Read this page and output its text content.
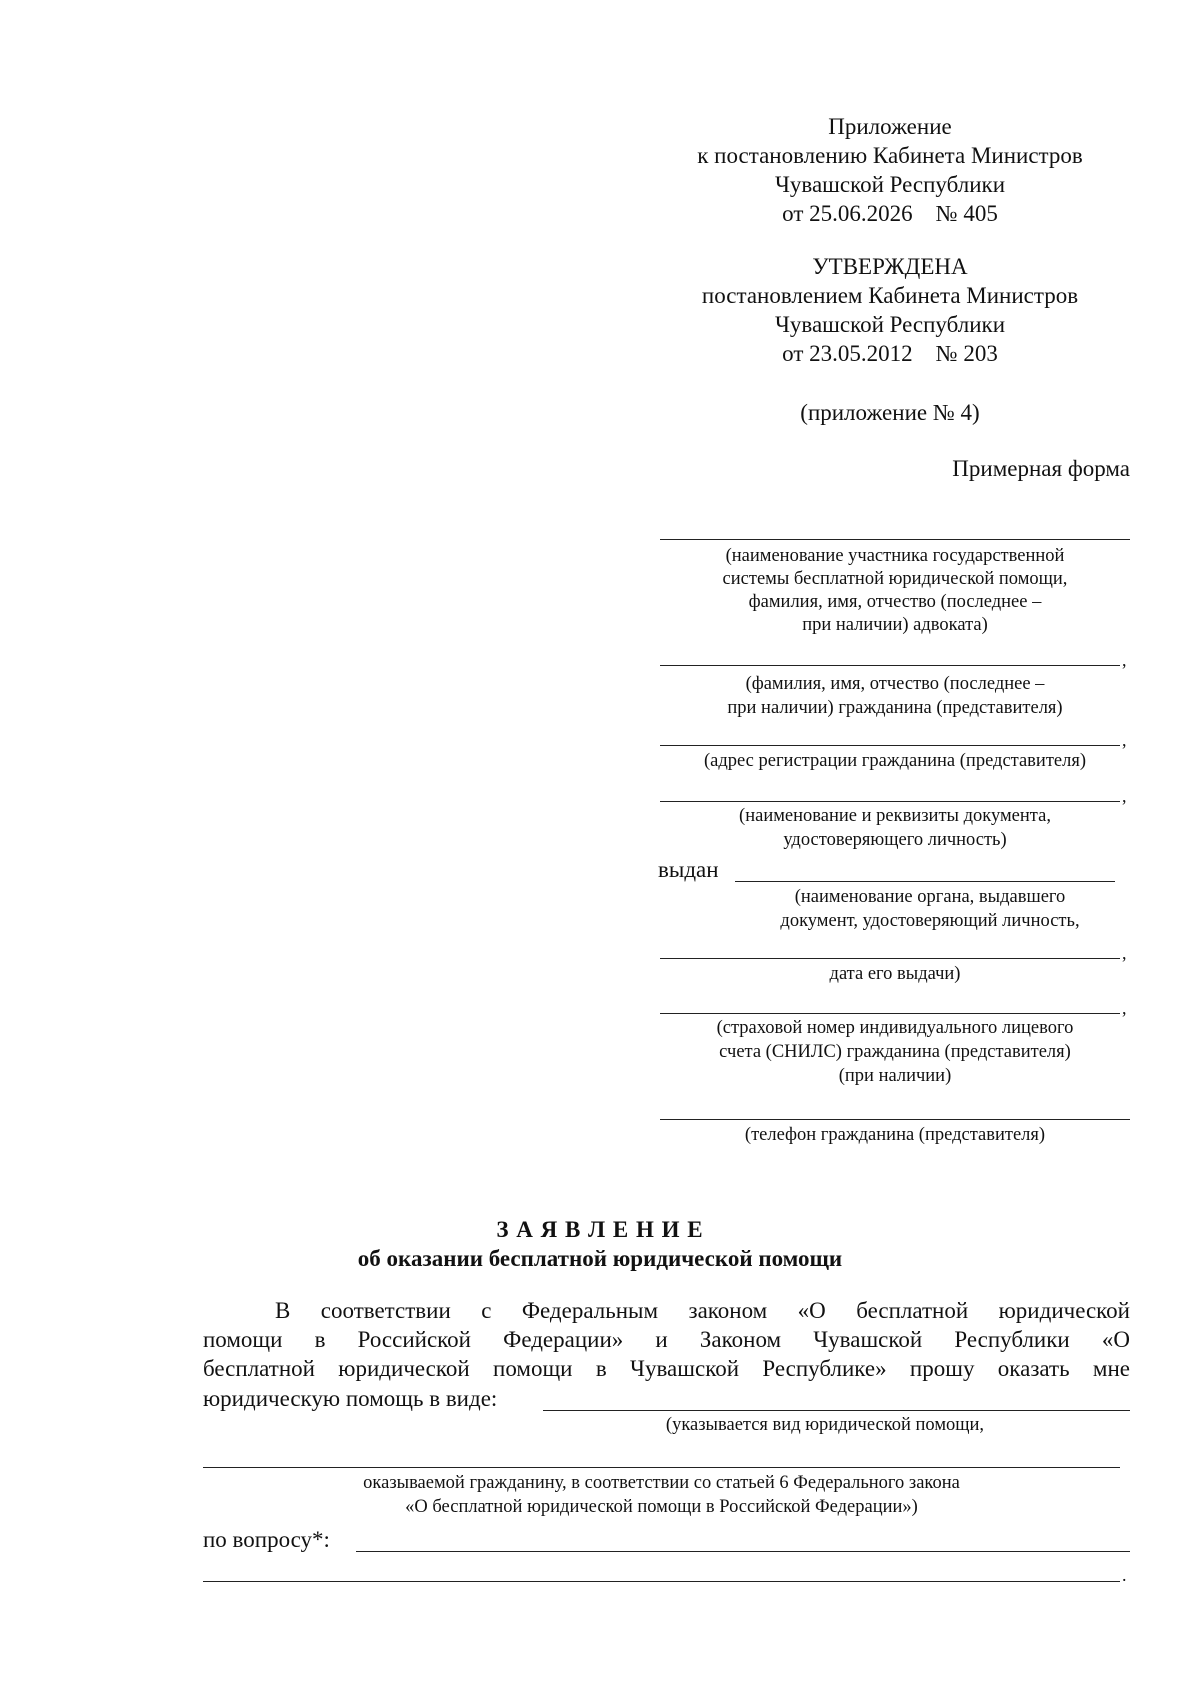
Приложение
к постановлению Кабинета Министров
Чувашской Республики
от 25.06.2026    № 405
УТВЕРЖДЕНА
постановлением Кабинета Министров
Чувашской Республики
от 23.05.2012    № 203
(приложение № 4)
Примерная форма
(наименование участника государственной
системы бесплатной юридической помощи,
фамилия, имя, отчество (последнее –
при наличии) адвоката)
,
(фамилия, имя, отчество (последнее –
при наличии) гражданина (представителя)
,
(адрес регистрации гражданина (представителя)
,
(наименование и реквизиты документа,
удостоверяющего личность)
выдан
(наименование органа, выдавшего
документ, удостоверяющий личность,
,
дата его выдачи)
,
(страховой номер индивидуального лицевого
счета (СНИЛС) гражданина (представителя)
(при наличии)
(телефон гражданина (представителя)
З А Я В Л Е Н И Е
об оказании бесплатной юридической помощи
В соответствии с Федеральным законом «О бесплатной юридической
помощи в Российской Федерации» и Законом Чувашской Республики «О
бесплатной юридической помощи в Чувашской Республике» прошу оказать мне
юридическую помощь в виде:
(указывается вид юридической помощи,
оказываемой гражданину, в соответствии со статьей 6 Федерального закона
«О бесплатной юридической помощи в Российской Федерации»)
по вопросу*:
.
